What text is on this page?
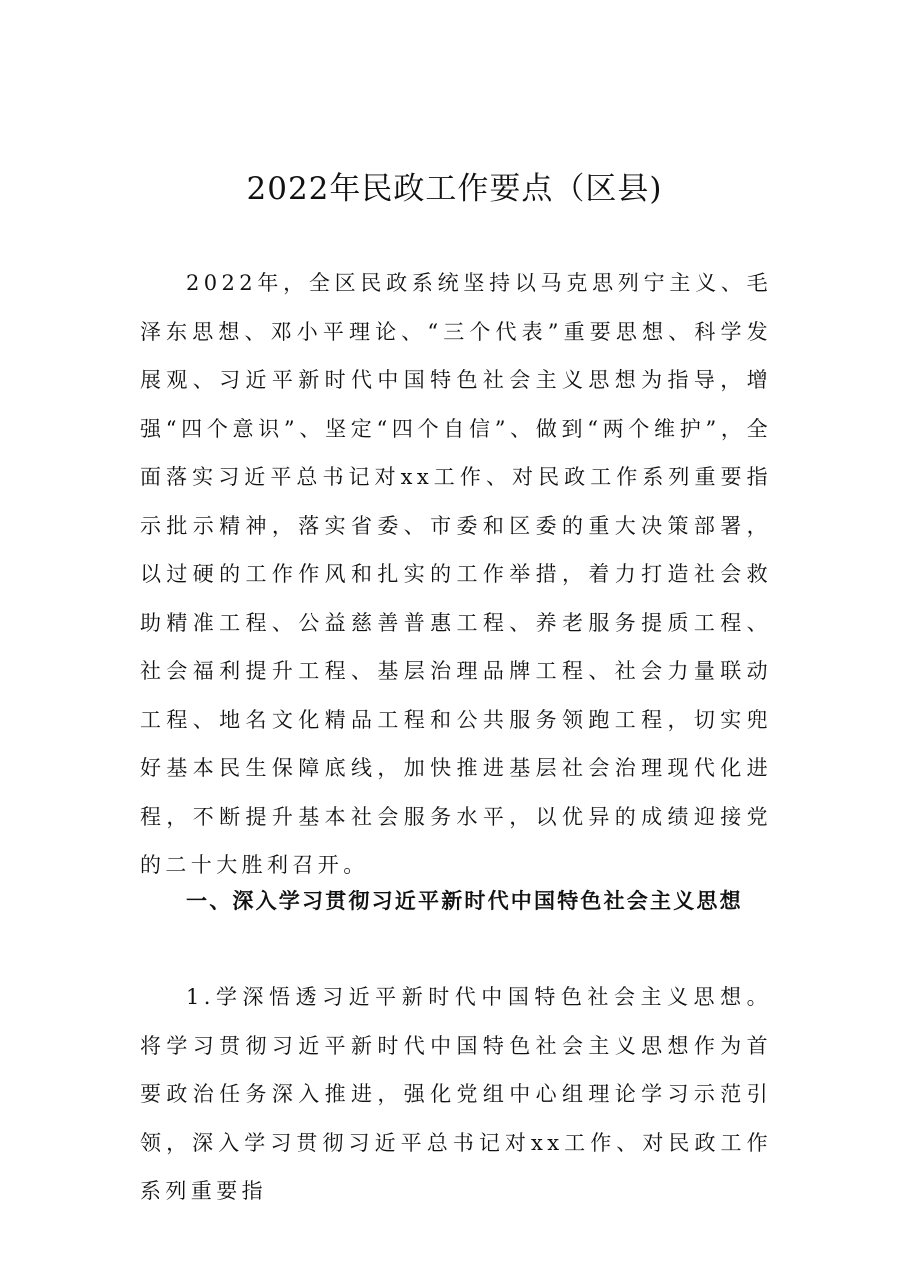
2022年民政工作要点（区县)

2022年，全区民政系统坚持以马克思列宁主义、毛泽东思想、邓小平理论、“三个代表”重要思想、科学发展观、习近平新时代中国特色社会主义思想为指导，增强“四个意识”、坚定“四个自信”、做到“两个维护”，全面落实习近平总书记对xx工作、对民政工作系列重要指示批示精神，落实省委、市委和区委的重大决策部署，以过硬的工作作风和扎实的工作举措，着力打造社会救助精准工程、公益慈善普惠工程、养老服务提质工程、社会福利提升工程、基层治理品牌工程、社会力量联动工程、地名文化精品工程和公共服务领跑工程，切实兜好基本民生保障底线，加快推进基层社会治理现代化进程，不断提升基本社会服务水平，以优异的成绩迎接党的二十大胜利召开。

一、深入学习贯彻习近平新时代中国特色社会主义思想

1.学深悟透习近平新时代中国特色社会主义思想。将学习贯彻习近平新时代中国特色社会主义思想作为首要政治任务深入推进，强化党组中心组理论学习示范引领，深入学习贯彻习近平总书记对xx工作、对民政工作系列重要指
